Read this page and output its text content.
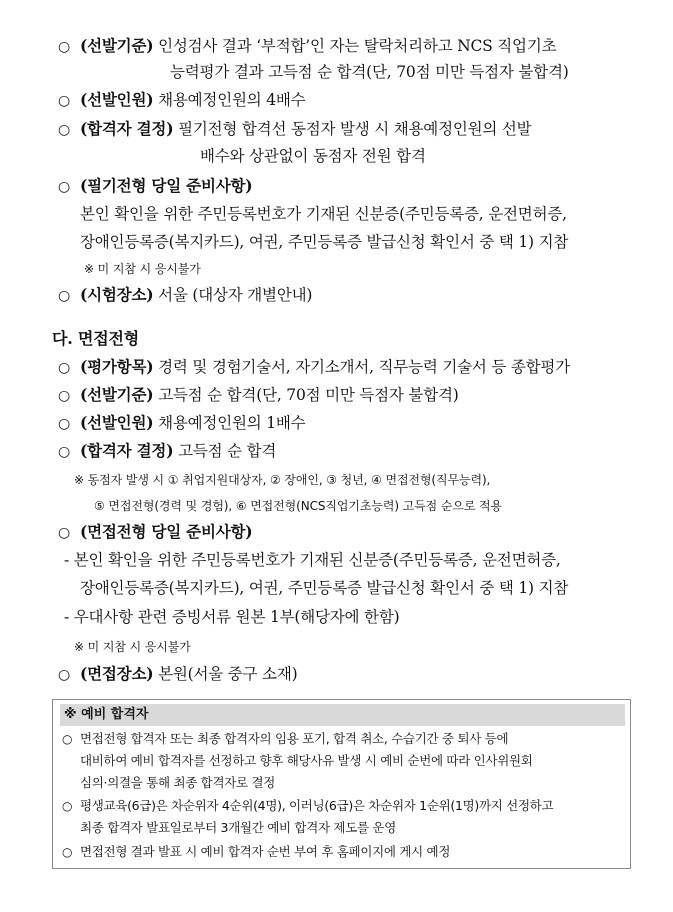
○ (선발기준) 인성검사 결과 ‘부적합’인 자는 탈락처리하고 NCS 직업기초
능력평가 결과 고득점 순 합격(단, 70점 미만 득점자 불합격)
○ (선발인원) 채용예정인원의 4배수
○ (합격자 결정) 필기전형 합격선 동점자 발생 시 채용예정인원의 선발
배수와 상관없이 동점자 전원 합격
○ (필기전형 당일 준비사항)
본인 확인을 위한 주민등록번호가 기재된 신분증(주민등록증, 운전면허증,
장애인등록증(복지카드), 여권, 주민등록증 발급신청 확인서 중 택 1) 지참
※ 미 지참 시 응시불가
○ (시험장소) 서울 (대상자 개별안내)
다. 면접전형
○ (평가항목) 경력 및 경험기술서, 자기소개서, 직무능력 기술서 등 종합평가
○ (선발기준) 고득점 순 합격(단, 70점 미만 득점자 불합격)
○ (선발인원) 채용예정인원의 1배수
○ (합격자 결정) 고득점 순 합격
※ 동점자 발생 시 ① 취업지원대상자, ② 장애인, ③ 청년, ④ 면접전형(직무능력),
⑤ 면접전형(경력 및 경험), ⑥ 면접전형(NCS직업기초능력) 고득점 순으로 적용
○ (면접전형 당일 준비사항)
- 본인 확인을 위한 주민등록번호가 기재된 신분증(주민등록증, 운전면허증,
장애인등록증(복지카드), 여권, 주민등록증 발급신청 확인서 중 택 1) 지참
- 우대사항 관련 증빙서류 원본 1부(해당자에 한함)
※ 미 지참 시 응시불가
○ (면접장소) 본원(서울 중구 소재)
※ 예비 합격자
○ 면접전형 합격자 또는 최종 합격자의 임용 포기, 합격 취소, 수습기간 중 퇴사 등에
대비하여 예비 합격자를 선정하고 향후 해당사유 발생 시 예비 순번에 따라 인사위원회
심의·의결을 통해 최종 합격자로 결정
○ 평생교육(6급)은 차순위자 4순위(4명), 이러닝(6급)은 차순위자 1순위(1명)까지 선정하고
최종 합격자 발표일로부터 3개월간 예비 합격자 제도를 운영
○ 면접전형 결과 발표 시 예비 합격자 순번 부여 후 홈페이지에 게시 예정
